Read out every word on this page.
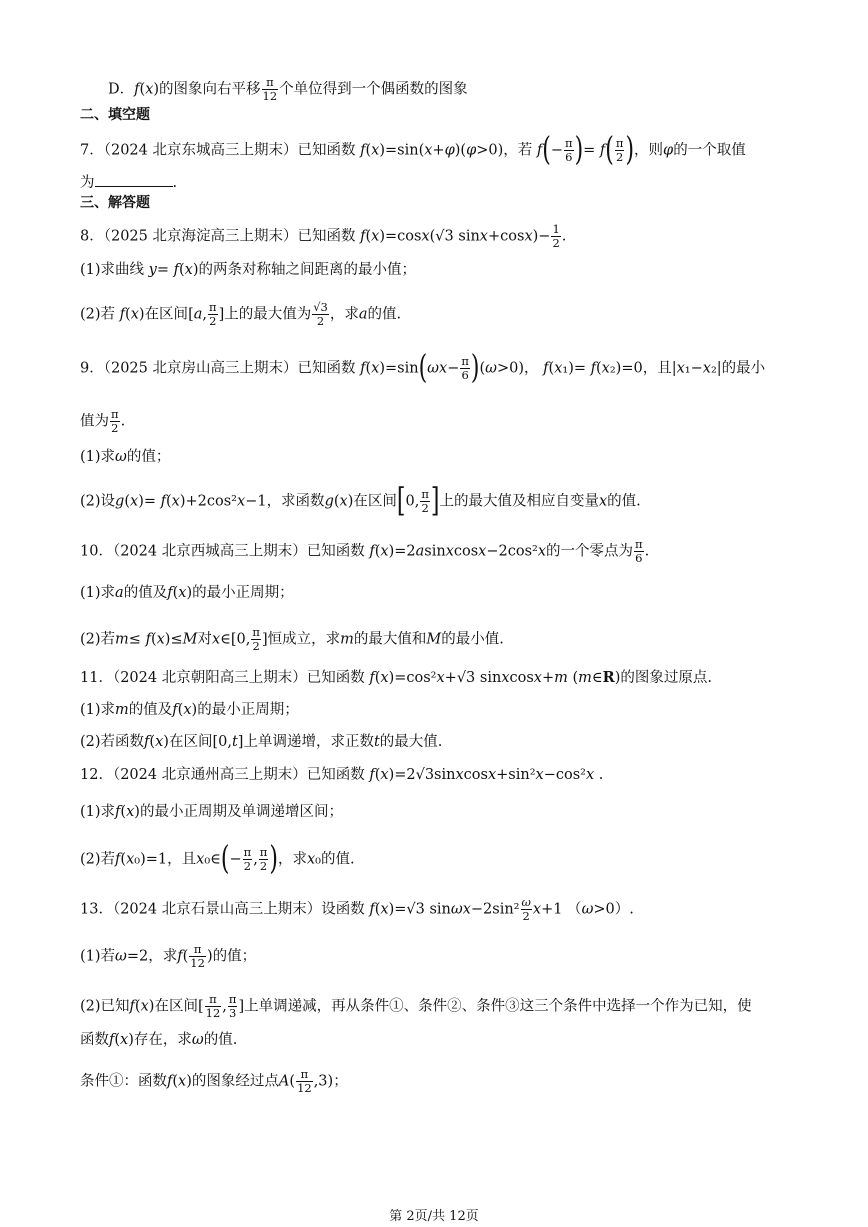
D．f(x)的图象向右平移 $\frac{\pi}{12}$ 个单位得到一个偶函数的图象
二、填空题
7．（2024 北京东城高三上期末）已知函数 f(x)=sin(x+φ)(φ>0)，若 $f(- \frac{\pi}{6}$ )= $f( \frac{\pi}{2}$ )，则φ的一个取值
为	.
三、解答题
8．（2025 北京海淀高三上期末）已知函数 f(x)=cosx(√3 $\sin x+\cos x)- \frac{1}{2}$ .
(1)求曲线 y= f(x)的两条对称轴之间距离的最小值；
(2)若 f(x)在区间[a, $\frac{\pi}{2}$ ]上的最大值为 $\frac{√3}{2}$ ，求a的值.
9．（2025 北京房山高三上期末）已知函数 $f(x)=\sin(\omega x- \frac{\pi}{6} )(\omega>0)$， f(x₁)= f(x₂)=0，且|x₁−x₂|的最小
值为 $\frac{\pi}{2}$ .
(1)求ω的值；
(2)设g(x)= f(x)+2cos²x−1，求函数g(x)在区间[0, $\frac{\pi}{2}$ ]上的最大值及相应自变量x的值.
10．（2024 北京西城高三上期末）已知函数 f(x)=2asinxcosx−2cos²x的一个零点为 $\frac{\pi}{6}$ .
(1)求a的值及f(x)的最小正周期；
(2)若m≤ f(x)≤M对x∈[0, $\frac{\pi}{2}$ ]恒成立，求m的最大值和M的最小值.
11．（2024 北京朝阳高三上期末）已知函数 f(x)=cos²x+√3 sinxcosx+m (m∈R)的图象过原点.
(1)求m的值及f(x)的最小正周期；
(2)若函数f(x)在区间[0,t]上单调递增，求正数t的最大值.
12．（2024 北京通州高三上期末）已知函数 f(x)=2√3sinxcosx+sin²x−cos²x .
(1)求f(x)的最小正周期及单调递增区间；
(2)若f(x₀)=1，且x₀∈(− $\frac{\pi}{2}$ , $\frac{\pi}{2}$ )，求x₀的值.
13．（2024 北京石景山高三上期末）设函数 f(x)=√3 $\sin\omega x-2\sin^2 \frac{\omega}{2} x+1$ （ω>0）.
(1)若ω=2，求$f( \frac{\pi}{12}$ )的值；
(2)已知f(x)在区间[ $\frac{\pi}{12}$ , $\frac{\pi}{3}$ ]上单调递减，再从条件①、条件②、条件③这三个条件中选择一个作为已知，使
函数f(x)存在，求ω的值.
条件①：函数f(x)的图象经过点$A( \frac{\pi}{12} ,3)$；
第 2页/共 12页
